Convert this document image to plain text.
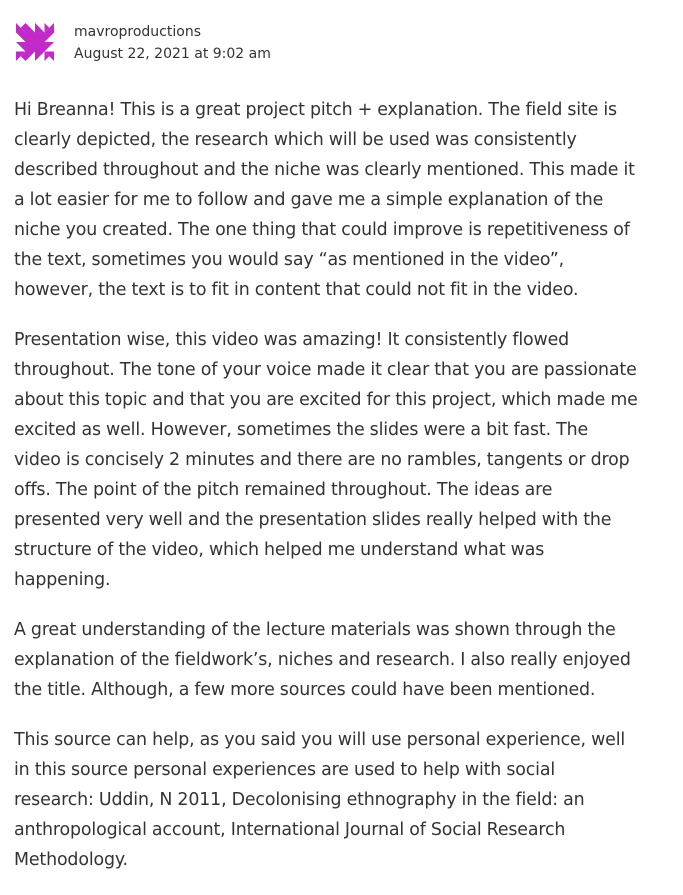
mavroproductions
August 22, 2021 at 9:02 am

Hi Breanna! This is a great project pitch + explanation. The field site is clearly depicted, the research which will be used was consistently described throughout and the niche was clearly mentioned. This made it a lot easier for me to follow and gave me a simple explanation of the niche you created. The one thing that could improve is repetitiveness of the text, sometimes you would say “as mentioned in the video”, however, the text is to fit in content that could not fit in the video.

Presentation wise, this video was amazing! It consistently flowed throughout. The tone of your voice made it clear that you are passionate about this topic and that you are excited for this project, which made me excited as well. However, sometimes the slides were a bit fast. The video is concisely 2 minutes and there are no rambles, tangents or drop offs. The point of the pitch remained throughout. The ideas are presented very well and the presentation slides really helped with the structure of the video, which helped me understand what was happening.

A great understanding of the lecture materials was shown through the explanation of the fieldwork’s, niches and research. I also really enjoyed the title. Although, a few more sources could have been mentioned.

This source can help, as you said you will use personal experience, well in this source personal experiences are used to help with social research: Uddin, N 2011, Decolonising ethnography in the field: an anthropological account, International Journal of Social Research Methodology.
